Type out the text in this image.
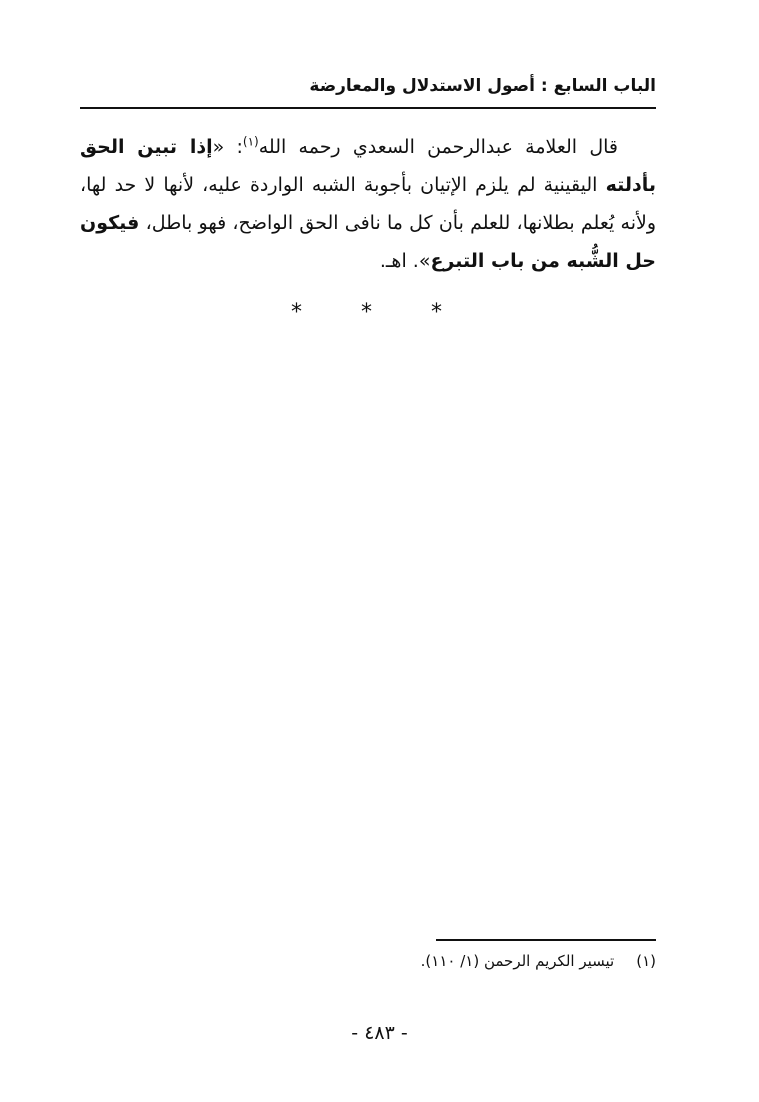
الباب السابع : أصول الاستدلال والمعارضة

قال العلامة عبدالرحمن السعدي رحمه الله$^{(١)}$: «إذا تبين الحق بأدلته اليقينية لم يلزم الإتيان بأجوبة الشبه الواردة عليه، لأنها لا حد لها، ولأنه يُعلم بطلانها، للعلم بأن كل ما نافى الحق الواضح، فهو باطل، فيكون حل الشُّبه من باب التبرع». اهـ.

* * *
(١)تيسير الكريم الرحمن (١/ ١١٠).
- ٤٨٣ -
